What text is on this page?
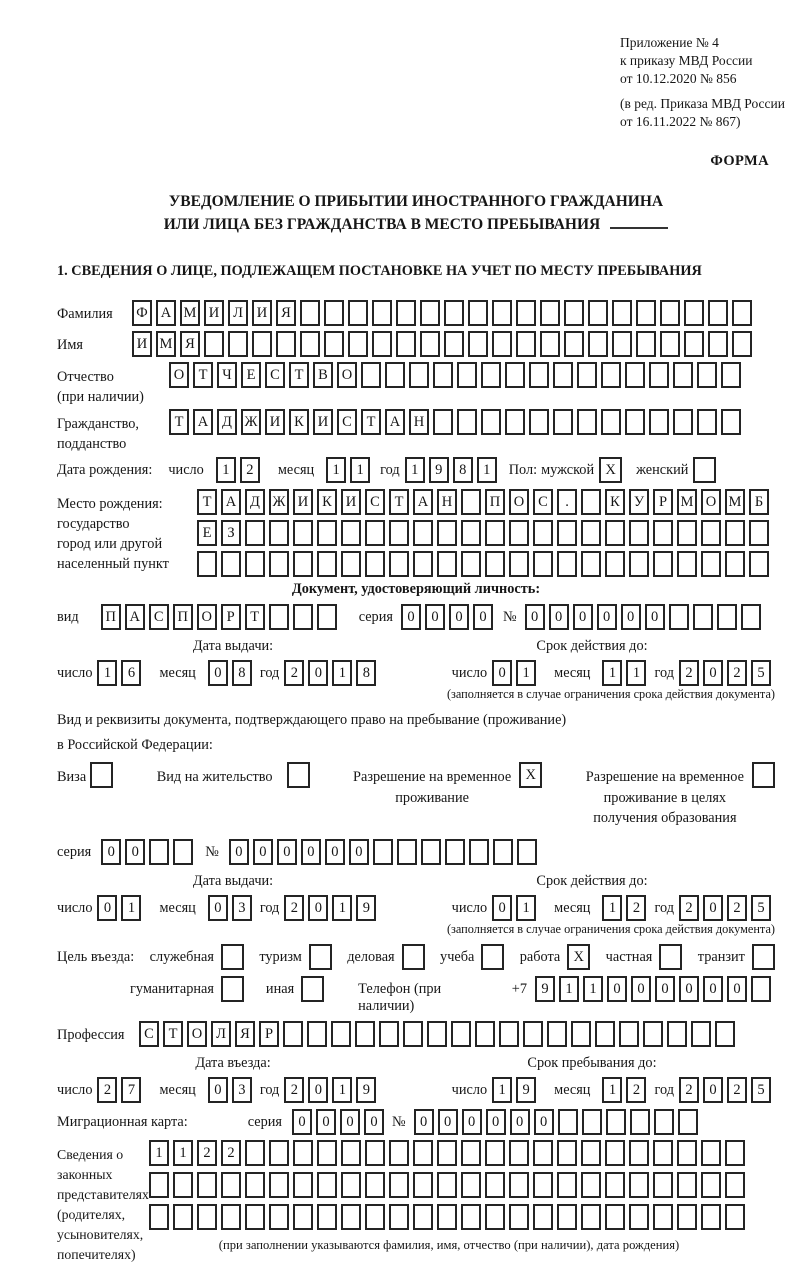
Приложение № 4
к приказу МВД России
от 10.12.2020 № 856
(в ред. Приказа МВД России
от 16.11.2022 № 867)
ФОРМА
УВЕДОМЛЕНИЕ О ПРИБЫТИИ ИНОСТРАННОГО ГРАЖДАНИНА
ИЛИ ЛИЦА БЕЗ ГРАЖДАНСТВА В МЕСТО ПРЕБЫВАНИЯ
1. СВЕДЕНИЯ О ЛИЦЕ, ПОДЛЕЖАЩЕМ ПОСТАНОВКЕ НА УЧЕТ ПО МЕСТУ ПРЕБЫВАНИЯ
Фамилия	Ф А М И Л И Я
Имя	И М Я
Отчество
(при наличии)
О Т Ч Е С Т В О
Гражданство,
подданство
Т А Д Ж И К И С Т А Н
Дата рождения: число	1 2	месяц	1 1	год 1 9 8 1	Пол: мужской X	женский
Место рождения:
государство
город или другой
населенный пункт
Т А Д Ж И К И С Т А Н	П О С .	К У Р М О М Б
Е З
Документ, удостоверяющий личность:
вид	П А С П О Р Т	серия 0 0 0 0	№ 0 0 0 0 0 0
Дата выдачи:	Срок действия до:
число 1 6	месяц	0 8	год 2 0 1 8	число 0 1	месяц	1 1	год 2 0 2 5
(заполняется в случае ограничения срока действия документа)
Вид и реквизиты документа, подтверждающего право на пребывание (проживание)
в Российской Федерации:
Виза	Вид на жительство	Разрешение на временное
проживание
X	Разрешение на временное
проживание в целях
получения образования
серия	0 0	№	0 0 0 0 0 0
Дата выдачи:	Срок действия до:
число 0 1	месяц	0 3	год 2 0 1 9	число 0 1	месяц	1 2	год 2 0 2 5
(заполняется в случае ограничения срока действия документа)
Цель въезда: служебная	туризм	деловая	учеба	работа X	частная	транзит
гуманитарная	иная	Телефон (при наличии)
+7 9 1 1 0 0 0 0 0 0
Профессия	С Т О Л Я Р
Дата въезда:	Срок пребывания до:
число 2 7	месяц	0 3	год 2 0 1 9	число 1 9	месяц	1 2	год 2 0 2 5
Миграционная карта:	серия	0 0 0 0	№ 0 0 0 0 0 0
Сведения о
законных
представителях
(родителях,
усыновителях,
попечителях)
1 1 2 2
(при заполнении указываются фамилия, имя, отчество (при наличии), дата рождения)
